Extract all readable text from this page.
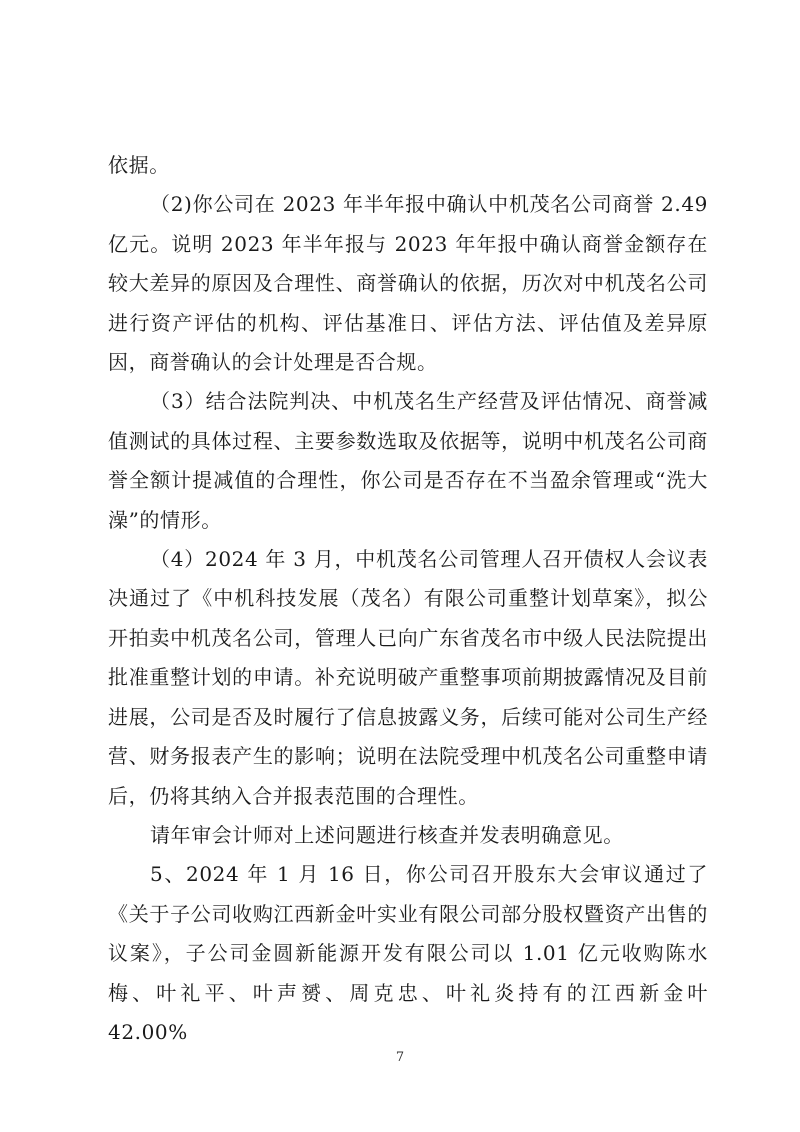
依据。

（2)你公司在 2023 年半年报中确认中机茂名公司商誉 2.49 亿元。说明 2023 年半年报与 2023 年年报中确认商誉金额存在较大差异的原因及合理性、商誉确认的依据，历次对中机茂名公司进行资产评估的机构、评估基准日、评估方法、评估值及差异原因，商誉确认的会计处理是否合规。

（3）结合法院判决、中机茂名生产经营及评估情况、商誉减值测试的具体过程、主要参数选取及依据等，说明中机茂名公司商誉全额计提减值的合理性，你公司是否存在不当盈余管理或“洗大澡”的情形。

（4）2024 年 3 月，中机茂名公司管理人召开债权人会议表决通过了《中机科技发展（茂名）有限公司重整计划草案》，拟公开拍卖中机茂名公司，管理人已向广东省茂名市中级人民法院提出批准重整计划的申请。补充说明破产重整事项前期披露情况及目前进展，公司是否及时履行了信息披露义务，后续可能对公司生产经营、财务报表产生的影响；说明在法院受理中机茂名公司重整申请后，仍将其纳入合并报表范围的合理性。

请年审会计师对上述问题进行核查并发表明确意见。

5、2024 年 1 月 16 日，你公司召开股东大会审议通过了《关于子公司收购江西新金叶实业有限公司部分股权暨资产出售的议案》，子公司金圆新能源开发有限公司以 1.01 亿元收购陈水梅、叶礼平、叶声赟、周克忠、叶礼炎持有的江西新金叶 42.00%

7
